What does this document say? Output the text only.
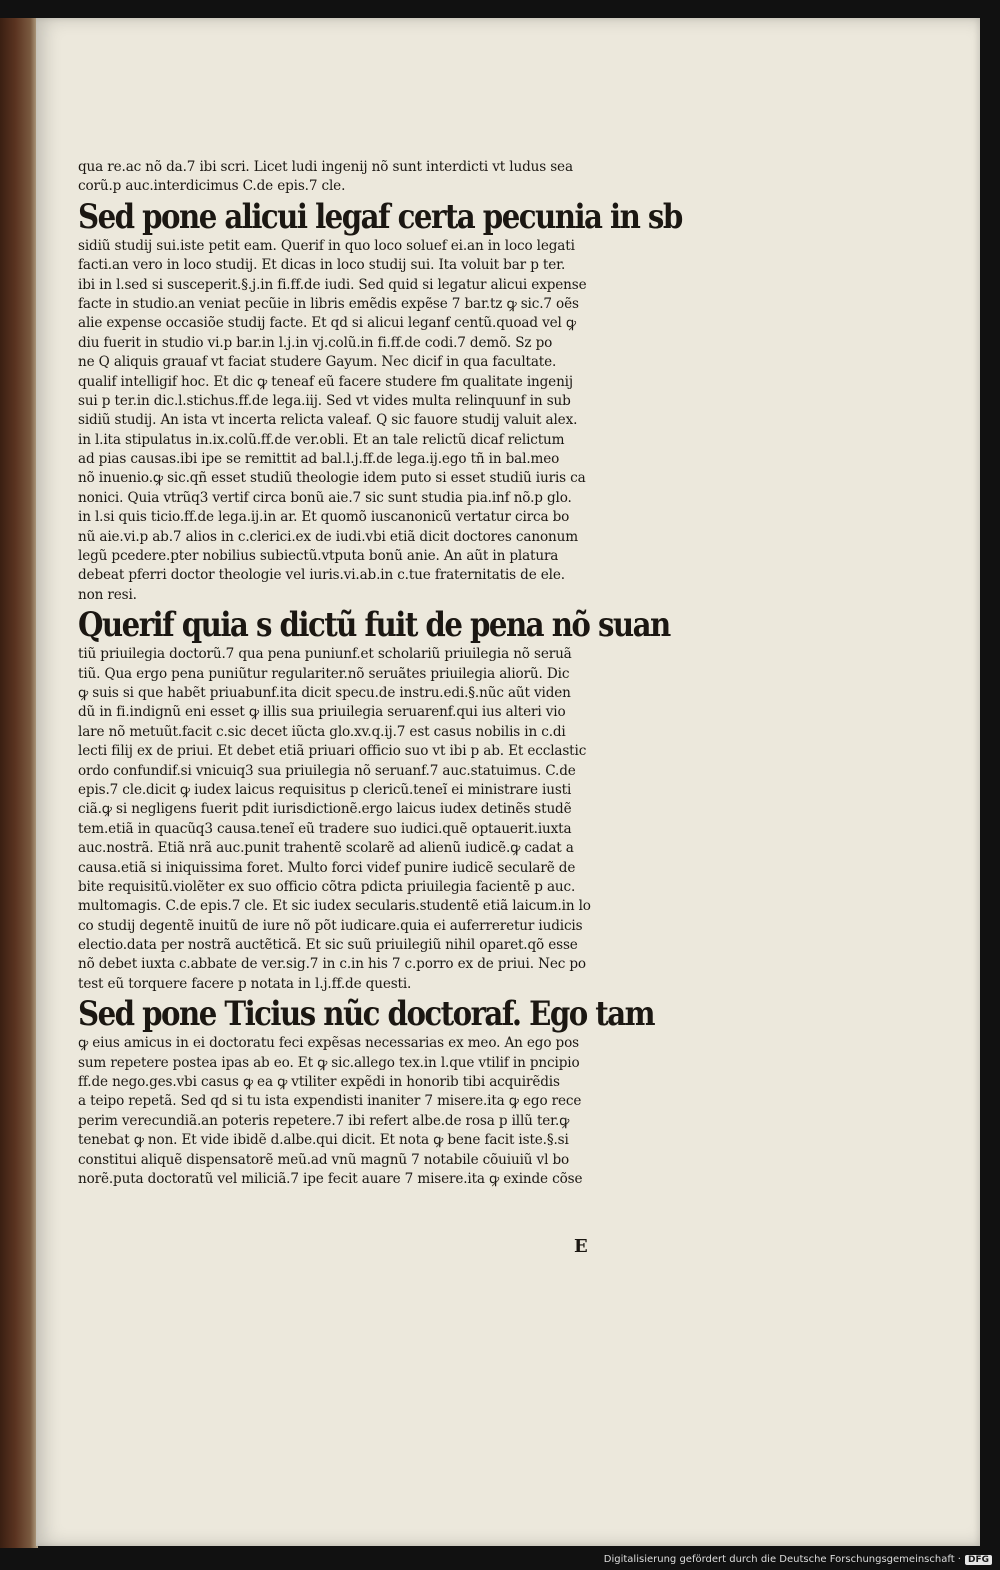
qua re.ac nõ da.7 ibi scri. Licet ludi ingenij nõ sunt interdicti vt ludus sea
corũ.p auc.interdicimus C.de epis.7 cle.
Sed pone alicui legaf certa pecunia in sb
sidiũ studij sui.iste petit eam. Querif in quo loco soluef ei.an in loco legati
facti.an vero in loco studij. Et dicas in loco studij sui. Ita voluit bar p ter.
ibi in l.sed si susceperit.§.j.in fi.ff.de iudi. Sed quid si legatur alicui expense
facte in studio.an veniat pecũie in libris emẽdis expẽse 7 bar.tz ꝙ sic.7 oẽs
alie expense occasiõe studij facte. Et qd si alicui leganf centũ.quoad vel ꝙ
diu fuerit in studio vi.p bar.in l.j.in vj.colũ.in fi.ff.de codi.7 demõ. Sz po
ne Q aliquis grauaf vt faciat studere Gayum. Nec dicif in qua facultate.
qualif intelligif hoc. Et dic ꝙ teneaf eũ facere studere fm qualitate ingenij
sui p ter.in dic.l.stichus.ff.de lega.iij. Sed vt vides multa relinquunf in sub
sidiũ studij. An ista vt incerta relicta valeaf. Q sic fauore studij valuit alex.
in l.ita stipulatus in.ix.colũ.ff.de ver.obli. Et an tale relictũ dicaf relictum
ad pias causas.ibi ipe se remittit ad bal.l.j.ff.de lega.ij.ego tñ in bal.meo
nõ inuenio.ꝙ sic.qñ esset studiũ theologie idem puto si esset studiũ iuris ca
nonici. Quia vtrũq3 vertif circa bonũ aie.7 sic sunt studia pia.inf nõ.p glo.
in l.si quis ticio.ff.de lega.ij.in ar. Et quomõ iuscanonicũ vertatur circa bo
nũ aie.vi.p ab.7 alios in c.clerici.ex de iudi.vbi etiã dicit doctores canonum
legũ pcedere.pter nobilius subiectũ.vtputa bonũ anie. An aũt in platura
debeat pferri doctor theologie vel iuris.vi.ab.in c.tue fraternitatis de ele.
non resi.
Querif quia s dictũ fuit de pena nõ suan
tiũ priuilegia doctorũ.7 qua pena puniunf.et scholariũ priuilegia nõ seruã
tiũ. Qua ergo pena puniũtur regulariter.nõ seruãtes priuilegia aliorũ. Dic
ꝙ suis si que habẽt priuabunf.ita dicit specu.de instru.edi.§.nũc aũt viden
dũ in fi.indignũ eni esset ꝙ illis sua priuilegia seruarenf.qui ius alteri vio
lare nõ metuũt.facit c.sic decet iũcta glo.xv.q.ij.7 est casus nobilis in c.di
lecti filij ex de priui. Et debet etiã priuari officio suo vt ibi p ab. Et ecclastic
ordo confundif.si vnicuiq3 sua priuilegia nõ seruanf.7 auc.statuimus. C.de
epis.7 cle.dicit ꝙ iudex laicus requisitus p clericũ.teneĩ ei ministrare iusti
ciã.ꝙ si negligens fuerit pdit iurisdictionẽ.ergo laicus iudex detinẽs studẽ
tem.etiã in quacũq3 causa.teneĩ eũ tradere suo iudici.quẽ optauerit.iuxta
auc.nostrã. Etiã nrã auc.punit trahentẽ scolarẽ ad alienũ iudicẽ.ꝙ cadat a
causa.etiã si iniquissima foret. Multo forci videf punire iudicẽ secularẽ de
bite requisitũ.violẽter ex suo officio cõtra pdicta priuilegia facientẽ p auc.
multomagis. C.de epis.7 cle. Et sic iudex secularis.studentẽ etiã laicum.in lo
co studij degentẽ inuitũ de iure nõ põt iudicare.quia ei auferreretur iudicis
electio.data per nostrã auctẽticã. Et sic suũ priuilegiũ nihil oparet.qõ esse
nõ debet iuxta c.abbate de ver.sig.7 in c.in his 7 c.porro ex de priui. Nec po
test eũ torquere facere p notata in l.j.ff.de questi.
Sed pone Ticius nũc doctoraf. Ego tam
ꝙ eius amicus in ei doctoratu feci expẽsas necessarias ex meo. An ego pos
sum repetere postea ipas ab eo. Et ꝙ sic.allego tex.in l.que vtilif in pncipio
ff.de nego.ges.vbi casus ꝙ ea ꝙ vtiliter expẽdi in honorib tibi acquirẽdis
a teipo repetã. Sed qd si tu ista expendisti inaniter 7 misere.ita ꝙ ego rece
perim verecundiã.an poteris repetere.7 ibi refert albe.de rosa p illũ ter.ꝙ
tenebat ꝙ non. Et vide ibidẽ d.albe.qui dicit. Et nota ꝙ bene facit iste.§.si
constitui aliquẽ dispensatorẽ meũ.ad vnũ magnũ 7 notabile cõuiuiũ vl bo
norẽ.puta doctoratũ vel miliciã.7 ipe fecit auare 7 misere.ita ꝙ exinde cõse
E
Digitalisierung gefördert durch die Deutsche Forschungsgemeinschaft · DFG
